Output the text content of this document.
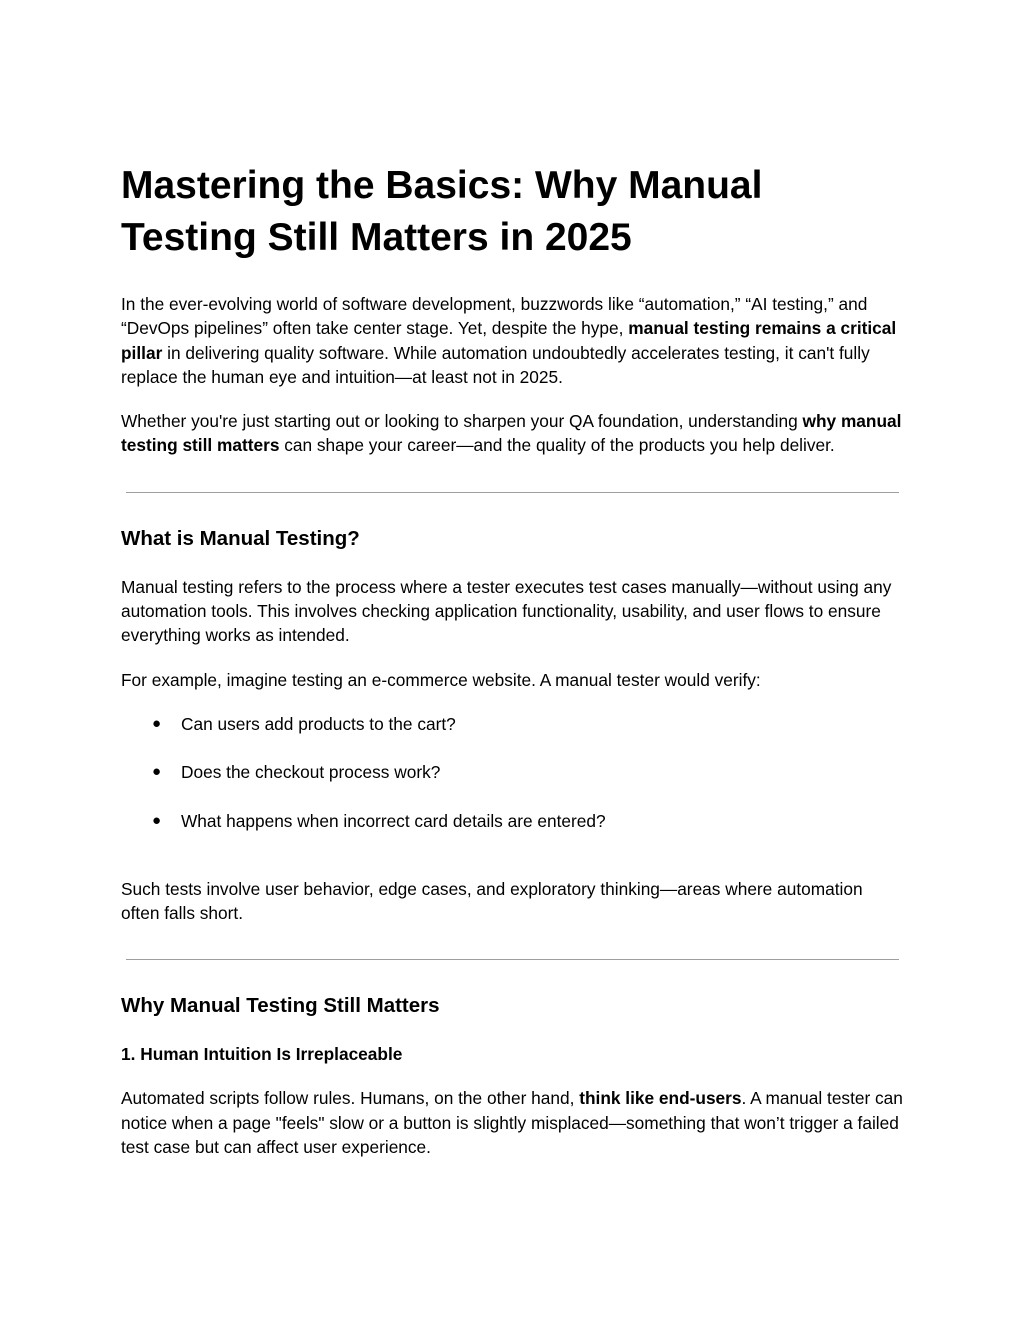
Mastering the Basics: Why Manual Testing Still Matters in 2025

In the ever-evolving world of software development, buzzwords like “automation,” “AI testing,” and “DevOps pipelines” often take center stage. Yet, despite the hype, manual testing remains a critical pillar in delivering quality software. While automation undoubtedly accelerates testing, it can't fully replace the human eye and intuition—at least not in 2025.

Whether you're just starting out or looking to sharpen your QA foundation, understanding why manual testing still matters can shape your career—and the quality of the products you help deliver.

What is Manual Testing?

Manual testing refers to the process where a tester executes test cases manually—without using any automation tools. This involves checking application functionality, usability, and user flows to ensure everything works as intended.

For example, imagine testing an e-commerce website. A manual tester would verify:

● Can users add products to the cart?
● Does the checkout process work?
● What happens when incorrect card details are entered?

Such tests involve user behavior, edge cases, and exploratory thinking—areas where automation often falls short.

Why Manual Testing Still Matters
1. Human Intuition Is Irreplaceable

Automated scripts follow rules. Humans, on the other hand, think like end-users. A manual tester can notice when a page "feels" slow or a button is slightly misplaced—something that won’t trigger a failed test case but can affect user experience.
